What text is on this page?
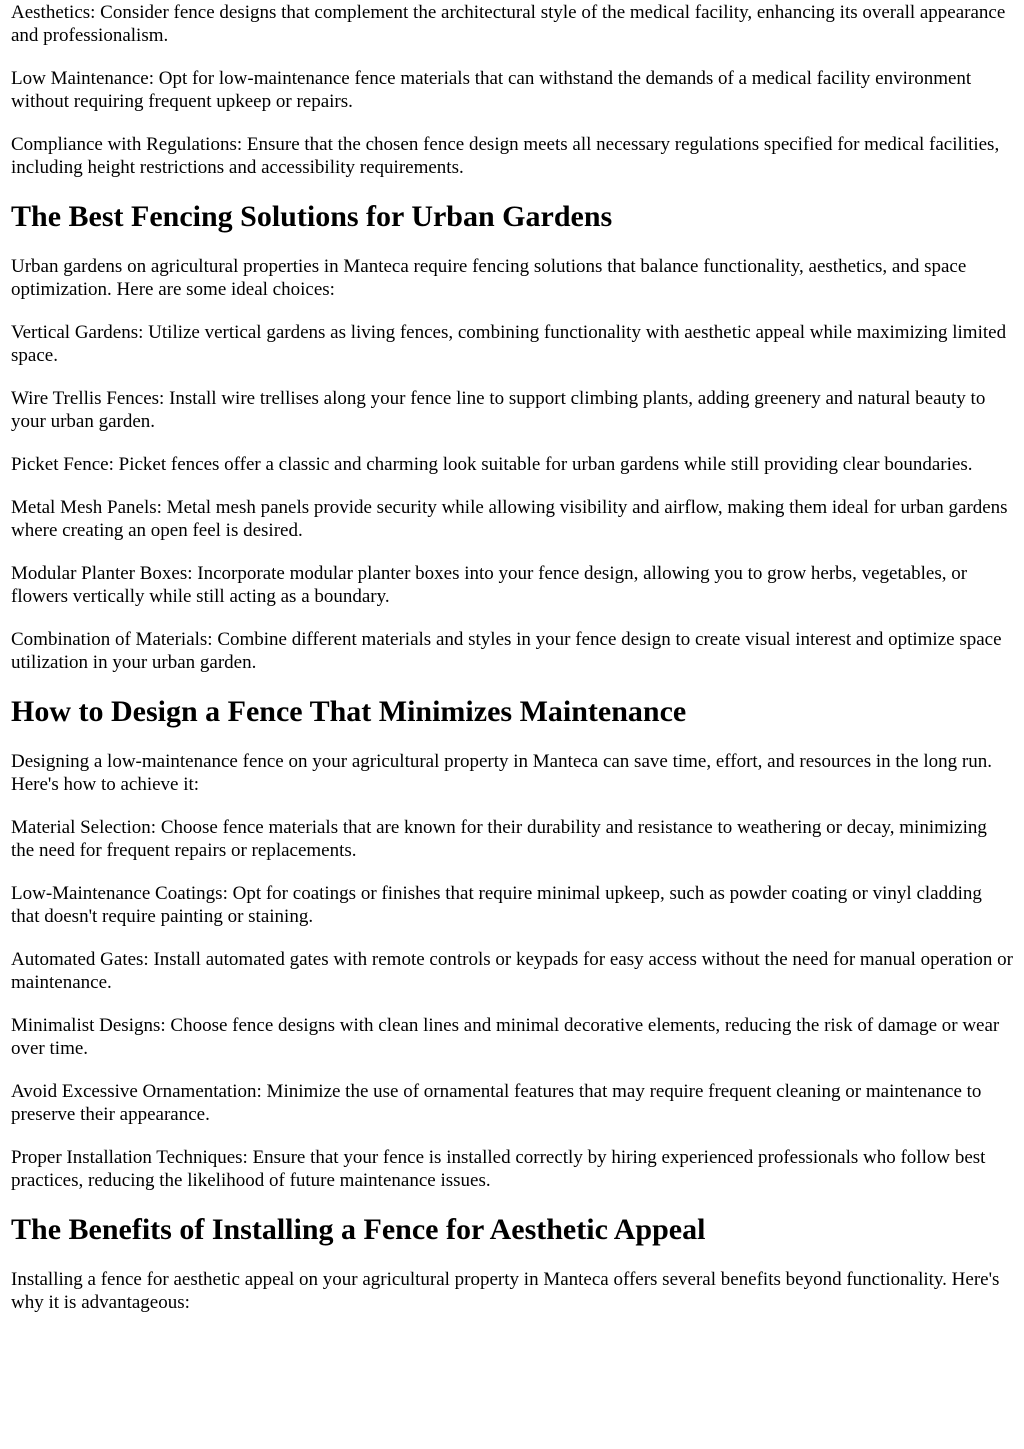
Aesthetics: Consider fence designs that complement the architectural style of the medical facility, enhancing its overall appearance and professionalism.

Low Maintenance: Opt for low-maintenance fence materials that can withstand the demands of a medical facility environment without requiring frequent upkeep or repairs.

Compliance with Regulations: Ensure that the chosen fence design meets all necessary regulations specified for medical facilities, including height restrictions and accessibility requirements.

The Best Fencing Solutions for Urban Gardens

Urban gardens on agricultural properties in Manteca require fencing solutions that balance functionality, aesthetics, and space optimization. Here are some ideal choices:

Vertical Gardens: Utilize vertical gardens as living fences, combining functionality with aesthetic appeal while maximizing limited space.

Wire Trellis Fences: Install wire trellises along your fence line to support climbing plants, adding greenery and natural beauty to your urban garden.

Picket Fence: Picket fences offer a classic and charming look suitable for urban gardens while still providing clear boundaries.

Metal Mesh Panels: Metal mesh panels provide security while allowing visibility and airflow, making them ideal for urban gardens where creating an open feel is desired.

Modular Planter Boxes: Incorporate modular planter boxes into your fence design, allowing you to grow herbs, vegetables, or flowers vertically while still acting as a boundary.

Combination of Materials: Combine different materials and styles in your fence design to create visual interest and optimize space utilization in your urban garden.

How to Design a Fence That Minimizes Maintenance

Designing a low-maintenance fence on your agricultural property in Manteca can save time, effort, and resources in the long run. Here's how to achieve it:

Material Selection: Choose fence materials that are known for their durability and resistance to weathering or decay, minimizing the need for frequent repairs or replacements.

Low-Maintenance Coatings: Opt for coatings or finishes that require minimal upkeep, such as powder coating or vinyl cladding that doesn't require painting or staining.

Automated Gates: Install automated gates with remote controls or keypads for easy access without the need for manual operation or maintenance.

Minimalist Designs: Choose fence designs with clean lines and minimal decorative elements, reducing the risk of damage or wear over time.

Avoid Excessive Ornamentation: Minimize the use of ornamental features that may require frequent cleaning or maintenance to preserve their appearance.

Proper Installation Techniques: Ensure that your fence is installed correctly by hiring experienced professionals who follow best practices, reducing the likelihood of future maintenance issues.

The Benefits of Installing a Fence for Aesthetic Appeal

Installing a fence for aesthetic appeal on your agricultural property in Manteca offers several benefits beyond functionality. Here's why it is advantageous:
